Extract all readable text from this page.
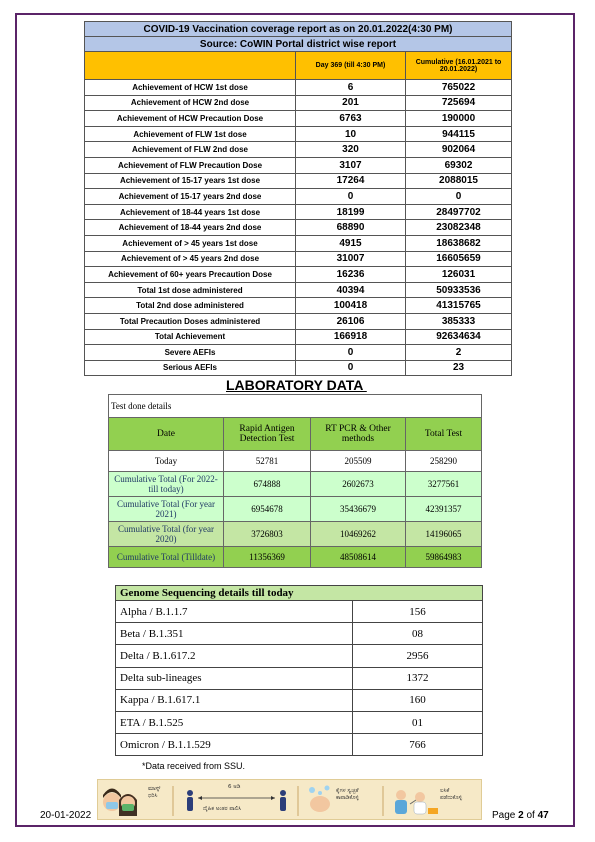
COVID-19 Vaccination coverage report as on 20.01.2022(4:30 PM)		
Source: CoWIN Portal district wise report		
	Day 369 (till 4:30 PM)	Cumulative (16.01.2021 to 20.01.2022)
Achievement of HCW 1st dose	6	765022
Achievement of HCW 2nd dose	201	725694
Achievement of HCW Precaution Dose	6763	190000
Achievement of FLW 1st dose	10	944115
Achievement of FLW 2nd dose	320	902064
Achievement of FLW Precaution Dose	3107	69302
Achievement of 15-17 years 1st dose	17264	2088015
Achievement of 15-17 years 2nd dose	0	0
Achievement of 18-44 years 1st dose	18199	28497702
Achievement of 18-44 years 2nd dose	68890	23082348
Achievement of > 45 years 1st dose	4915	18638682
Achievement of > 45 years 2nd dose	31007	16605659
Achievement of 60+ years Precaution Dose	16236	126031
Total 1st dose administered	40394	50933536
Total 2nd dose administered	100418	41315765
Total Precaution Doses administered	26106	385333
Total Achievement	166918	92634634
Severe AEFIs	0	2
Serious AEFIs	0	23
LABORATORY DATA
Test done details			
Date	Rapid Antigen Detection Test	RT PCR & Other methods	Total Test
Today	52781	205509	258290
Cumulative Total (For 2022- till today)	674888	2602673	3277561
Cumulative Total (For year 2021)	6954678	35436679	42391357
Cumulative Total (for year 2020)	3726803	10469262	14196065
Cumulative Total (Tilldate)	11356369	48508614	59864983
Genome Sequencing details till today	
Alpha / B.1.1.7	156
Beta / B.1.351	08
Delta / B.1.617.2	2956
Delta sub-lineages	1372
Kappa / B.1.617.1	160
ETA / B.1.525	01
Omicron / B.1.1.529	766
*Data received from SSU.
ಮಾಸ್ಕ್ ಧರಿಸಿ
6 ಅಡಿ
ದೈಹಿಕ ಅಂತರ ಪಾಲಿಸಿ
ಕೈಗಳ ಸ್ವಚ್ಛತೆ ಕಾಪಾಡಿಕೊಳ್ಳಿ
ಲಸಿಕೆ ಪಡೆದುಕೊಳ್ಳಿ
20-01-2022	Page 2 of 47
